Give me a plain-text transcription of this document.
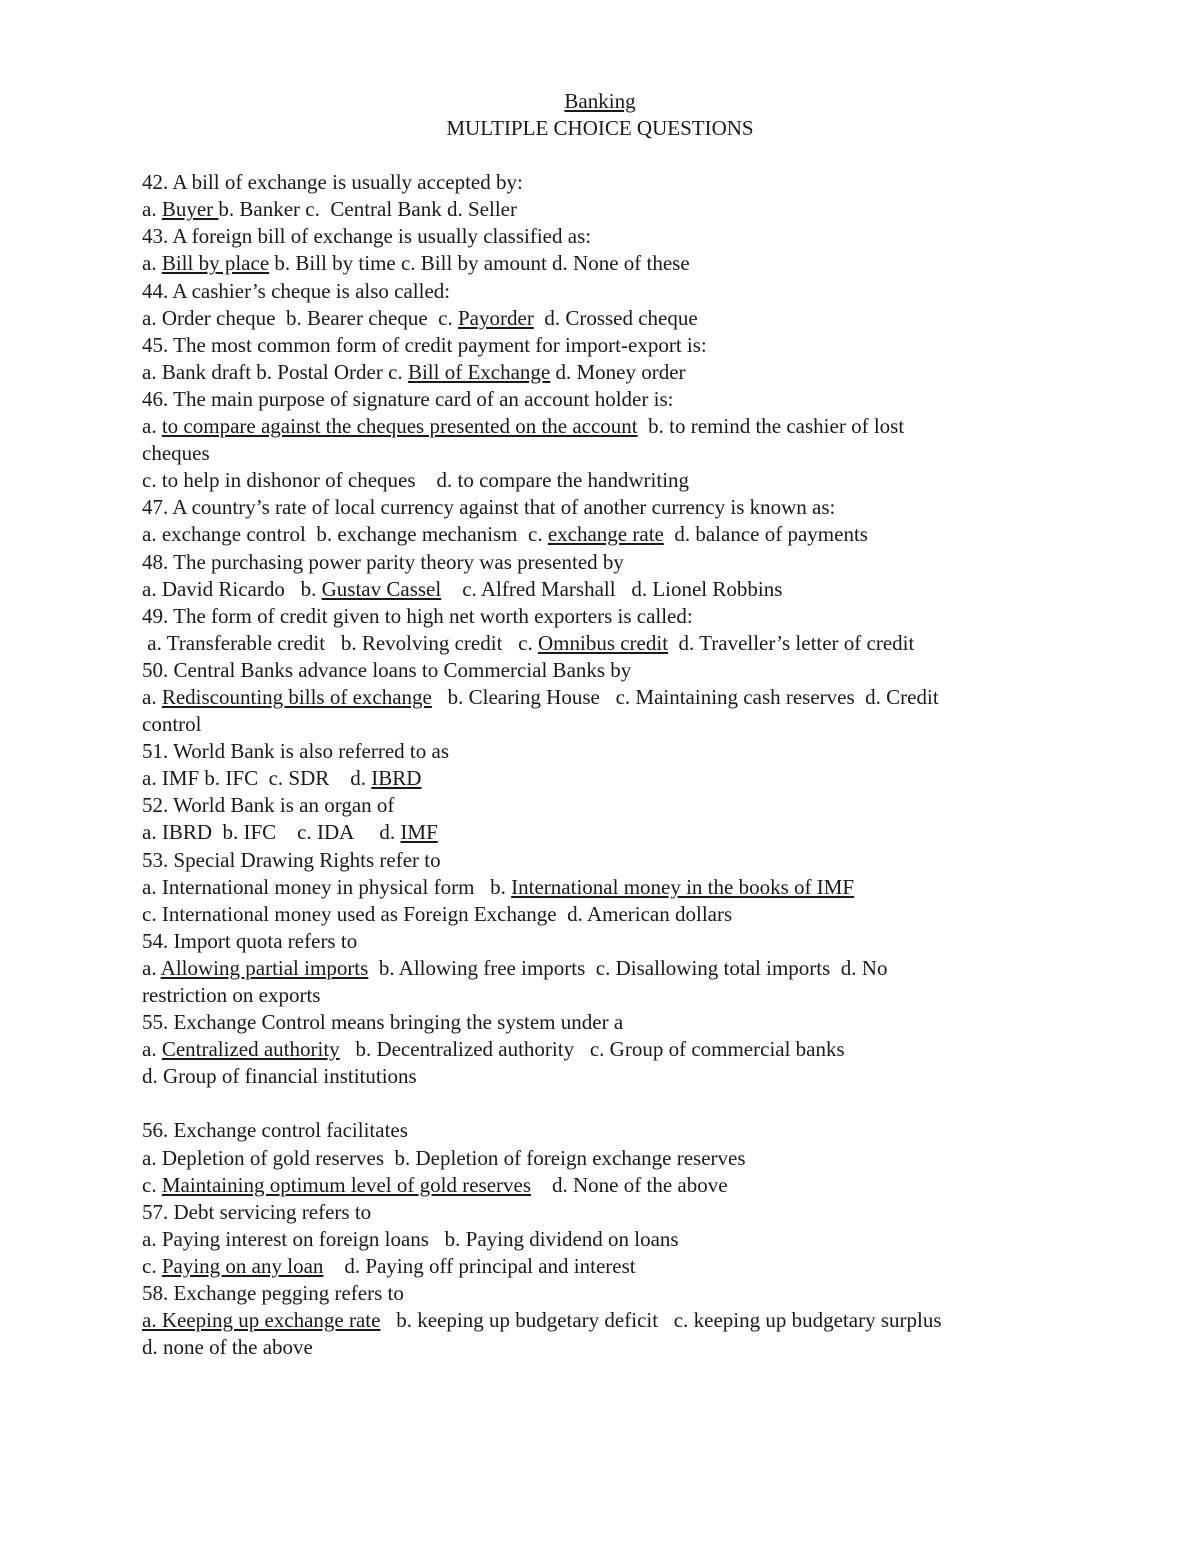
Banking
MULTIPLE CHOICE QUESTIONS
42. A bill of exchange is usually accepted by:
a. Buyer b. Banker c.  Central Bank d. Seller
43. A foreign bill of exchange is usually classified as:
a. Bill by place b. Bill by time c. Bill by amount d. None of these
44. A cashier’s cheque is also called:
a. Order cheque  b. Bearer cheque  c. Payorder  d. Crossed cheque
45. The most common form of credit payment for import-export is:
a. Bank draft b. Postal Order c. Bill of Exchange d. Money order
46. The main purpose of signature card of an account holder is:
a. to compare against the cheques presented on the account  b. to remind the cashier of lost
cheques
c. to help in dishonor of cheques    d. to compare the handwriting
47. A country’s rate of local currency against that of another currency is known as:
a. exchange control  b. exchange mechanism  c. exchange rate  d. balance of payments
48. The purchasing power parity theory was presented by
a. David Ricardo   b. Gustav Cassel    c. Alfred Marshall   d. Lionel Robbins
49. The form of credit given to high net worth exporters is called:
a. Transferable credit   b. Revolving credit   c. Omnibus credit  d. Traveller’s letter of credit
50. Central Banks advance loans to Commercial Banks by
a. Rediscounting bills of exchange   b. Clearing House   c. Maintaining cash reserves  d. Credit
control
51. World Bank is also referred to as
a. IMF b. IFC  c. SDR    d. IBRD
52. World Bank is an organ of
a. IBRD  b. IFC    c. IDA     d. IMF
53. Special Drawing Rights refer to
a. International money in physical form   b. International money in the books of IMF
c. International money used as Foreign Exchange  d. American dollars
54. Import quota refers to
a. Allowing partial imports  b. Allowing free imports  c. Disallowing total imports  d. No
restriction on exports
55. Exchange Control means bringing the system under a
a. Centralized authority   b. Decentralized authority   c. Group of commercial banks
d. Group of financial institutions
56. Exchange control facilitates
a. Depletion of gold reserves  b. Depletion of foreign exchange reserves
c. Maintaining optimum level of gold reserves    d. None of the above
57. Debt servicing refers to
a. Paying interest on foreign loans   b. Paying dividend on loans
c. Paying on any loan    d. Paying off principal and interest
58. Exchange pegging refers to
a. Keeping up exchange rate   b. keeping up budgetary deficit   c. keeping up budgetary surplus
d. none of the above
